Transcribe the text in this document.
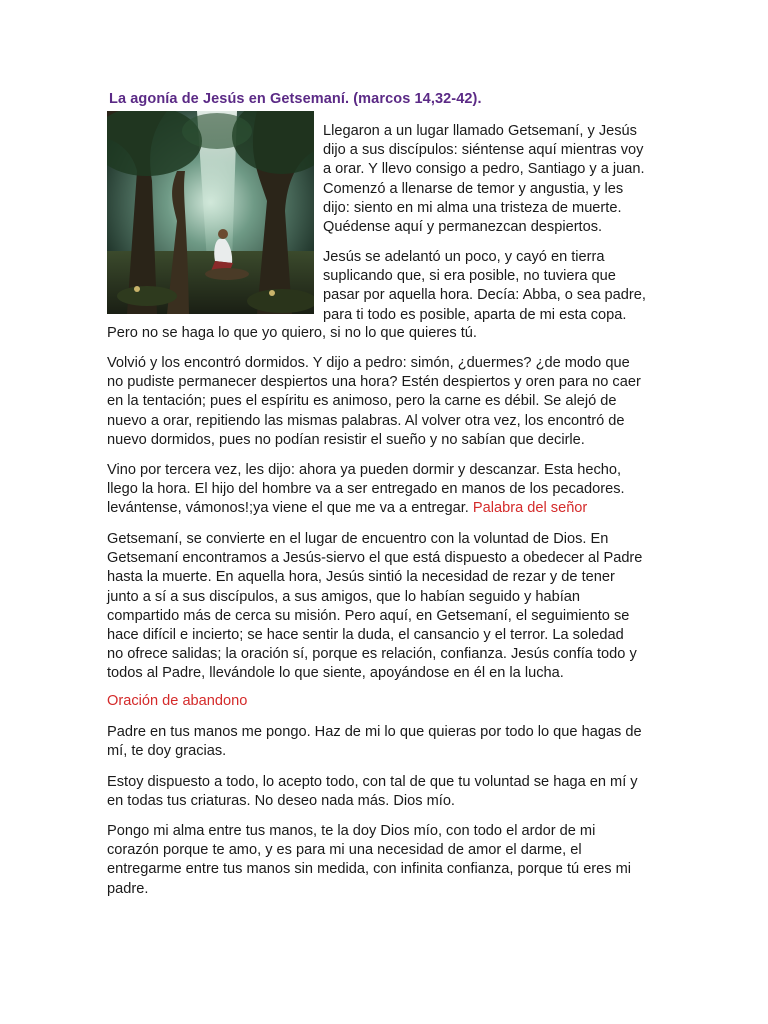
La agonía de Jesús en Getsemaní. (marcos 14,32-42).
Llegaron a un lugar llamado Getsemaní, y Jesús
dijo a sus discípulos: siéntense aquí mientras voy
a orar. Y llevo consigo a pedro, Santiago y a juan.
Comenzó a llenarse de temor y angustia, y les
dijo: siento en mi alma una tristeza de muerte.
Quédense aquí y permanezcan despiertos.
Jesús se adelantó un poco, y cayó en tierra
suplicando que, si era posible, no tuviera que
pasar por aquella hora. Decía: Abba, o sea padre,
para ti todo es posible, aparta de mi esta copa.
Pero no se haga lo que yo quiero, si no lo que quieres tú.
Volvió y los encontró dormidos. Y dijo a pedro: simón, ¿duermes? ¿de modo que
no pudiste permanecer despiertos una hora? Estén despiertos y oren para no caer
en la tentación; pues el espíritu es animoso, pero la carne es débil. Se alejó de
nuevo a orar, repitiendo las mismas palabras. Al volver otra vez, los encontró de
nuevo dormidos, pues no podían resistir el sueño y no sabían que decirle.
Vino por tercera vez, les dijo: ahora ya pueden dormir y descanzar. Esta hecho,
llego la hora. El hijo del hombre va a ser entregado en manos de los pecadores.
levántense, vámonos!;ya viene el que me va a entregar. Palabra del señor
Getsemaní, se convierte en el lugar de encuentro con la voluntad de Dios. En
Getsemaní encontramos a Jesús-siervo el que está dispuesto a obedecer al Padre
hasta la muerte. En aquella hora, Jesús sintió la necesidad de rezar y de tener
junto a sí a sus discípulos, a sus amigos, que lo habían seguido y habían
compartido más de cerca su misión. Pero aquí, en Getsemaní, el seguimiento se
hace difícil e incierto; se hace sentir la duda, el cansancio y el terror. La soledad
no ofrece salidas; la oración sí, porque es relación, confianza. Jesús confía todo y
todos al Padre, llevándole lo que siente, apoyándose en él en la lucha.
Oración de abandono
Padre en tus manos me pongo. Haz de mi lo que quieras por todo lo que hagas de
mí, te doy gracias.
Estoy dispuesto a todo, lo acepto todo, con tal de que tu voluntad se haga en mí y
en todas tus criaturas. No deseo nada más. Dios mío.
Pongo mi alma entre tus manos, te la doy Dios mío, con todo el ardor de mi
corazón porque te amo, y es para mi una necesidad de amor el darme, el
entregarme entre tus manos sin medida, con infinita confianza, porque tú eres mi
padre.
